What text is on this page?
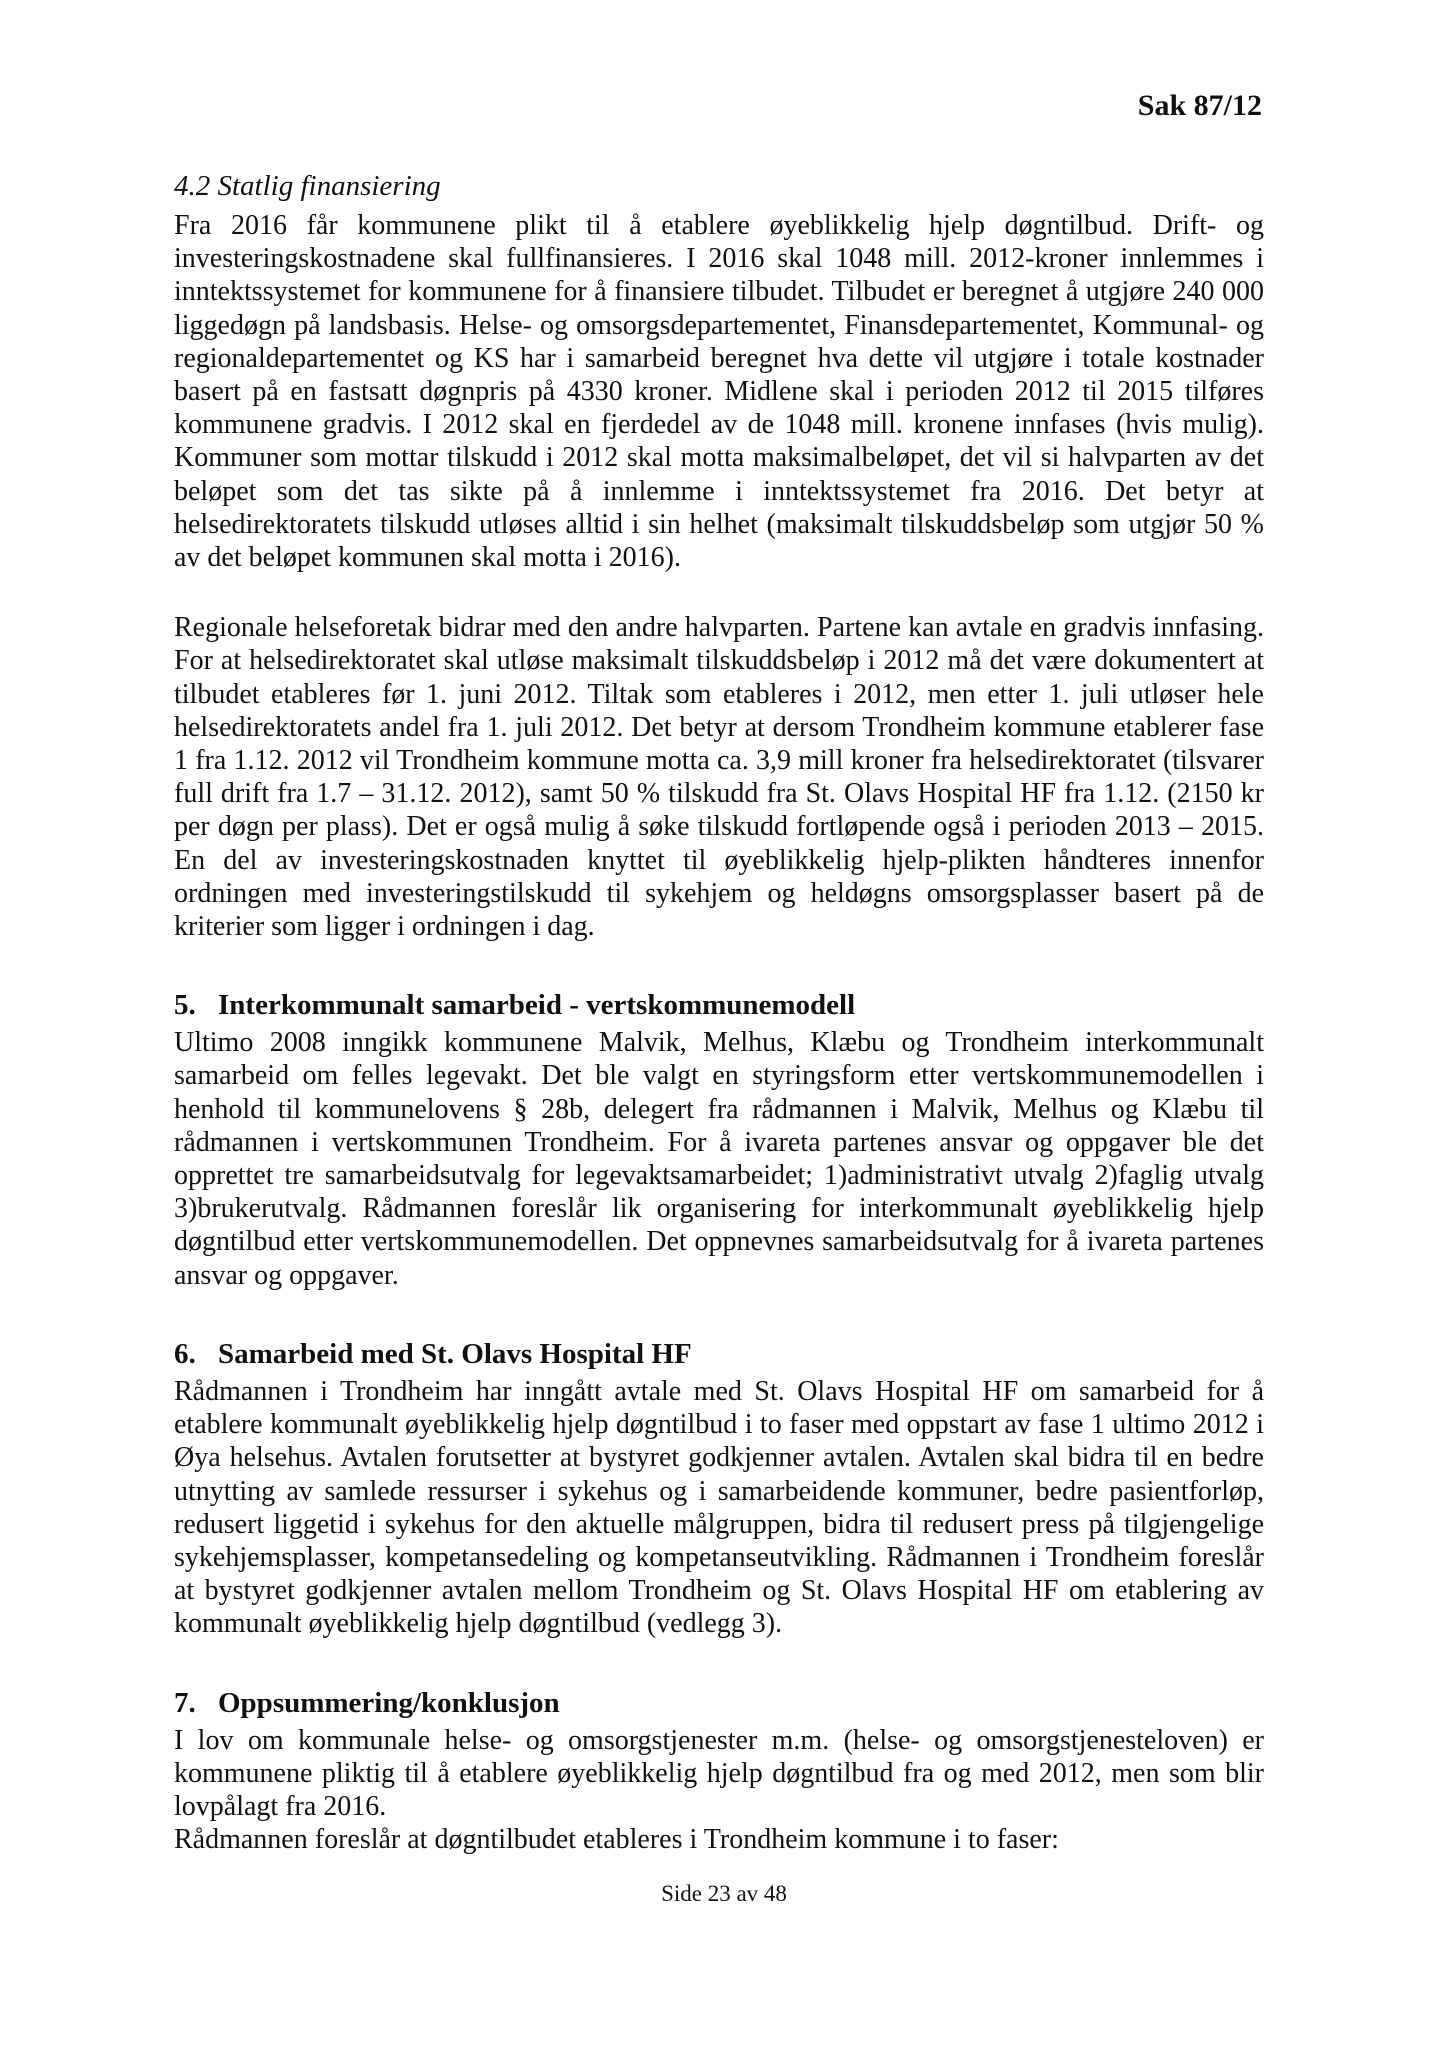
Sak 87/12
4.2 Statlig finansiering

Fra 2016 får kommunene plikt til å etablere øyeblikkelig hjelp døgntilbud. Drift- og investeringskostnadene skal fullfinansieres. I 2016 skal 1048 mill. 2012-kroner innlemmes i inntektssystemet for kommunene for å finansiere tilbudet. Tilbudet er beregnet å utgjøre 240 000 liggedøgn på landsbasis. Helse- og omsorgsdepartementet, Finansdepartementet, Kommunal- og regionaldepartementet og KS har i samarbeid beregnet hva dette vil utgjøre i totale kostnader basert på en fastsatt døgnpris på 4330 kroner. Midlene skal i perioden 2012 til 2015 tilføres kommunene gradvis. I 2012 skal en fjerdedel av de 1048 mill. kronene innfases (hvis mulig). Kommuner som mottar tilskudd i 2012 skal motta maksimalbeløpet, det vil si halvparten av det beløpet som det tas sikte på å innlemme i inntektssystemet fra 2016. Det betyr at helsedirektoratets tilskudd utløses alltid i sin helhet (maksimalt tilskuddsbeløp som utgjør 50 % av det beløpet kommunen skal motta i 2016).

Regionale helseforetak bidrar med den andre halvparten. Partene kan avtale en gradvis innfasing. For at helsedirektoratet skal utløse maksimalt tilskuddsbeløp i 2012 må det være dokumentert at tilbudet etableres før 1. juni 2012. Tiltak som etableres i 2012, men etter 1. juli utløser hele helsedirektoratets andel fra 1. juli 2012. Det betyr at dersom Trondheim kommune etablerer fase 1 fra 1.12. 2012 vil Trondheim kommune motta ca. 3,9 mill kroner fra helsedirektoratet (tilsvarer full drift fra 1.7 – 31.12. 2012), samt 50 % tilskudd fra St. Olavs Hospital HF fra 1.12. (2150 kr per døgn per plass). Det er også mulig å søke tilskudd fortløpende også i perioden 2013 – 2015. En del av investeringskostnaden knyttet til øyeblikkelig hjelp-plikten håndteres innenfor ordningen med investeringstilskudd til sykehjem og heldøgns omsorgsplasser basert på de kriterier som ligger i ordningen i dag.

5. Interkommunalt samarbeid - vertskommunemodell

Ultimo 2008 inngikk kommunene Malvik, Melhus, Klæbu og Trondheim interkommunalt samarbeid om felles legevakt. Det ble valgt en styringsform etter vertskommunemodellen i henhold til kommunelovens § 28b, delegert fra rådmannen i Malvik, Melhus og Klæbu til rådmannen i vertskommunen Trondheim. For å ivareta partenes ansvar og oppgaver ble det opprettet tre samarbeidsutvalg for legevaktsamarbeidet; 1)administrativt utvalg 2)faglig utvalg 3)brukerutvalg. Rådmannen foreslår lik organisering for interkommunalt øyeblikkelig hjelp døgntilbud etter vertskommunemodellen. Det oppnevnes samarbeidsutvalg for å ivareta partenes ansvar og oppgaver.

6. Samarbeid med St. Olavs Hospital HF

Rådmannen i Trondheim har inngått avtale med St. Olavs Hospital HF om samarbeid for å etablere kommunalt øyeblikkelig hjelp døgntilbud i to faser med oppstart av fase 1 ultimo 2012 i Øya helsehus. Avtalen forutsetter at bystyret godkjenner avtalen. Avtalen skal bidra til en bedre utnytting av samlede ressurser i sykehus og i samarbeidende kommuner, bedre pasientforløp, redusert liggetid i sykehus for den aktuelle målgruppen, bidra til redusert press på tilgjengelige sykehjemsplasser, kompetansedeling og kompetanseutvikling. Rådmannen i Trondheim foreslår at bystyret godkjenner avtalen mellom Trondheim og St. Olavs Hospital HF om etablering av kommunalt øyeblikkelig hjelp døgntilbud (vedlegg 3).

7. Oppsummering/konklusjon

I lov om kommunale helse- og omsorgstjenester m.m. (helse- og omsorgstjenesteloven) er kommunene pliktig til å etablere øyeblikkelig hjelp døgntilbud fra og med 2012, men som blir lovpålagt fra 2016.

Rådmannen foreslår at døgntilbudet etableres i Trondheim kommune i to faser:

Side 23 av 48
